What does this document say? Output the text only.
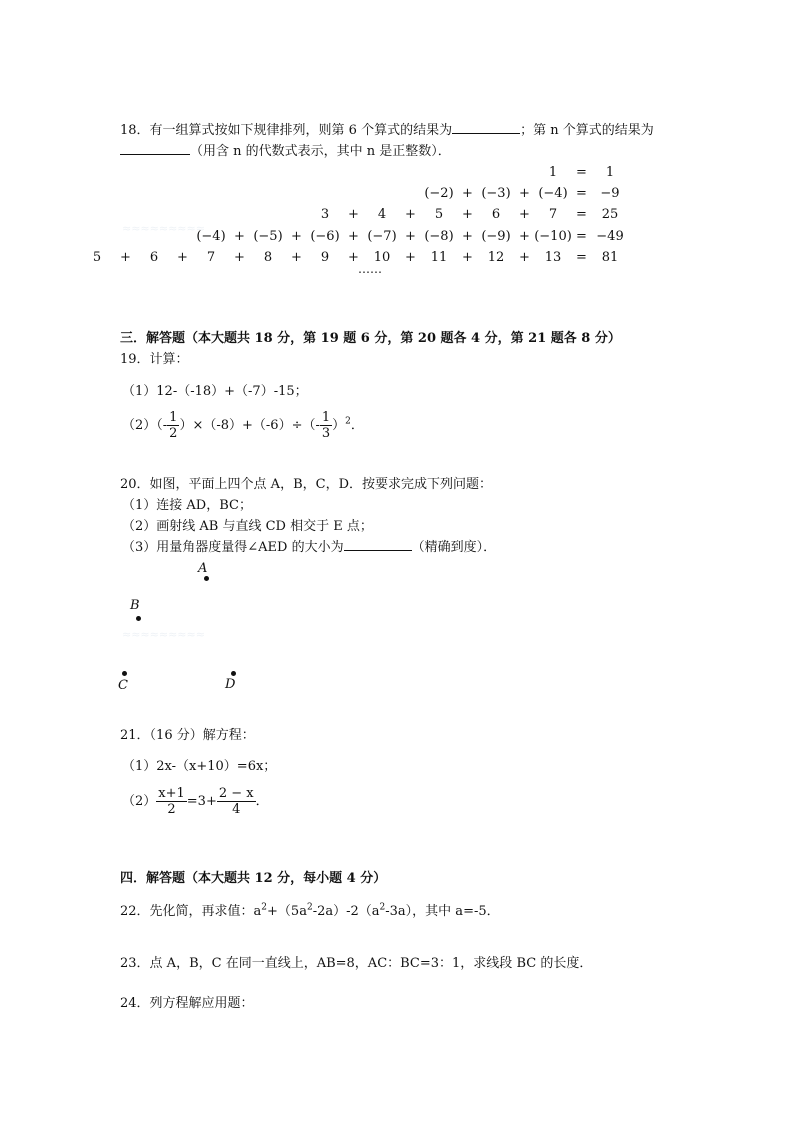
18．有一组算式按如下规律排列，则第 6 个算式的结果为	；第 n 个算式的结果为
（用含 n 的代数式表示，其中 n 是正整数）．
1	=	1
(−2) + (−3) + (−4) =	−9
3	+	4	+	5	+	6	+	7	=	25
(−4) + (−5) + (−6) + (−7) + (−8) + (−9) + (−10) = −49
5	+	6	+	7	+	8	+	9	+	10	+	11	+	12	+	13	=	81
……
≈≈≈≈≈≈≈≈≈
三．解答题（本大题共 18 分，第 19 题 6 分，第 20 题各 4 分，第 21 题各 8 分）
19．计算：
（1）12-（-18）+（-7）-15；
$(2)(- \frac{1}{2} )\times(-8)+(-6)\div(- \frac{1}{3} )^2$．
20．如图，平面上四个点 A，B，C，D．按要求完成下列问题：
（1）连接 AD，BC；
（2）画射线 AB 与直线 CD 相交于 E 点；
（3）用量角器度量得∠AED 的大小为	（精确到度）．
A
B
C	D
≈≈≈≈≈≈≈≈≈
21．（16 分）解方程：
（1）2x-（x+10）=6x；
$(2) \frac{x+1}{2} =3+ \frac{2 - x}{4}$ ．
四．解答题（本大题共 12 分，每小题 4 分）
22．先化简，再求值：$a^2+(5a^2-2a)-2(a^2-3a)$，其中 a=-5．
23．点 A，B，C 在同一直线上，AB=8，AC：BC=3：1，求线段 BC 的长度．
24．列方程解应用题：
